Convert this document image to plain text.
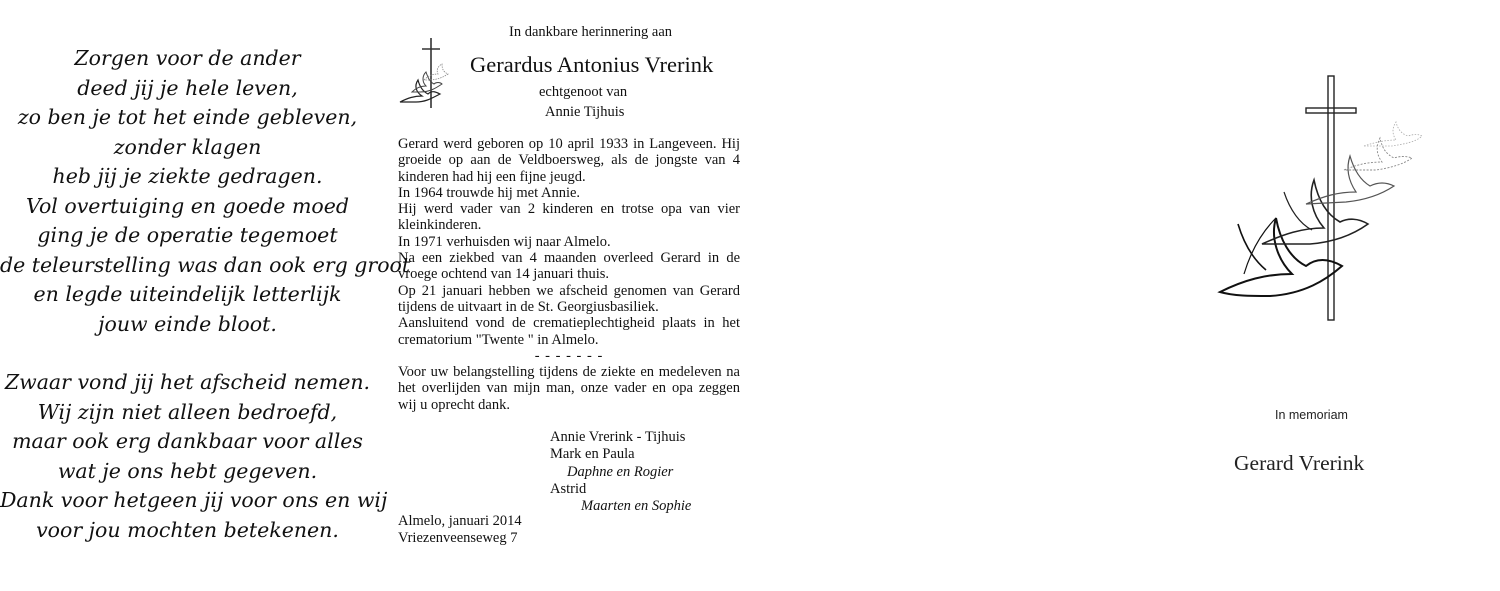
Zorgen voor de ander
deed jij je hele leven,
zo ben je tot het einde gebleven,
zonder klagen
heb jij je ziekte gedragen.
Vol overtuiging en goede moed
ging je de operatie tegemoet
de teleurstelling was dan ook erg groot
en legde uiteindelijk letterlijk
jouw einde bloot.
Zwaar vond jij het afscheid nemen.
Wij zijn niet alleen bedroefd,
maar ook erg dankbaar voor alles
wat je ons hebt gegeven.
Dank voor hetgeen jij voor ons en wij
voor jou mochten betekenen.
In dankbare herinnering aan
Gerardus Antonius Vrerink
echtgenoot van
Annie Tijhuis
Gerard werd geboren op 10 april 1933 in Langeveen. Hij groeide op aan de Veldboersweg, als de jongste van 4 kinderen had hij een fijne jeugd.
In 1964 trouwde hij met Annie.
Hij werd vader van 2 kinderen en trotse opa van vier kleinkinderen.
In 1971 verhuisden wij naar Almelo.
Na een ziekbed van 4 maanden overleed Gerard in de vroege ochtend van 14 januari thuis.
Op 21 januari hebben we afscheid genomen van Gerard tijdens de uitvaart in de St. Georgiusbasiliek.
Aansluitend vond de crematieplechtigheid plaats in het crematorium "Twente " in Almelo.
- - - - - - -
Voor uw belangstelling tijdens de ziekte en medeleven na het overlijden van mijn man, onze vader en opa zeggen wij u oprecht dank.
Annie Vrerink - Tijhuis
Mark en Paula
Daphne en Rogier
Astrid
Maarten en Sophie
Almelo, januari 2014
Vriezenveenseweg 7
In memoriam
Gerard Vrerink
